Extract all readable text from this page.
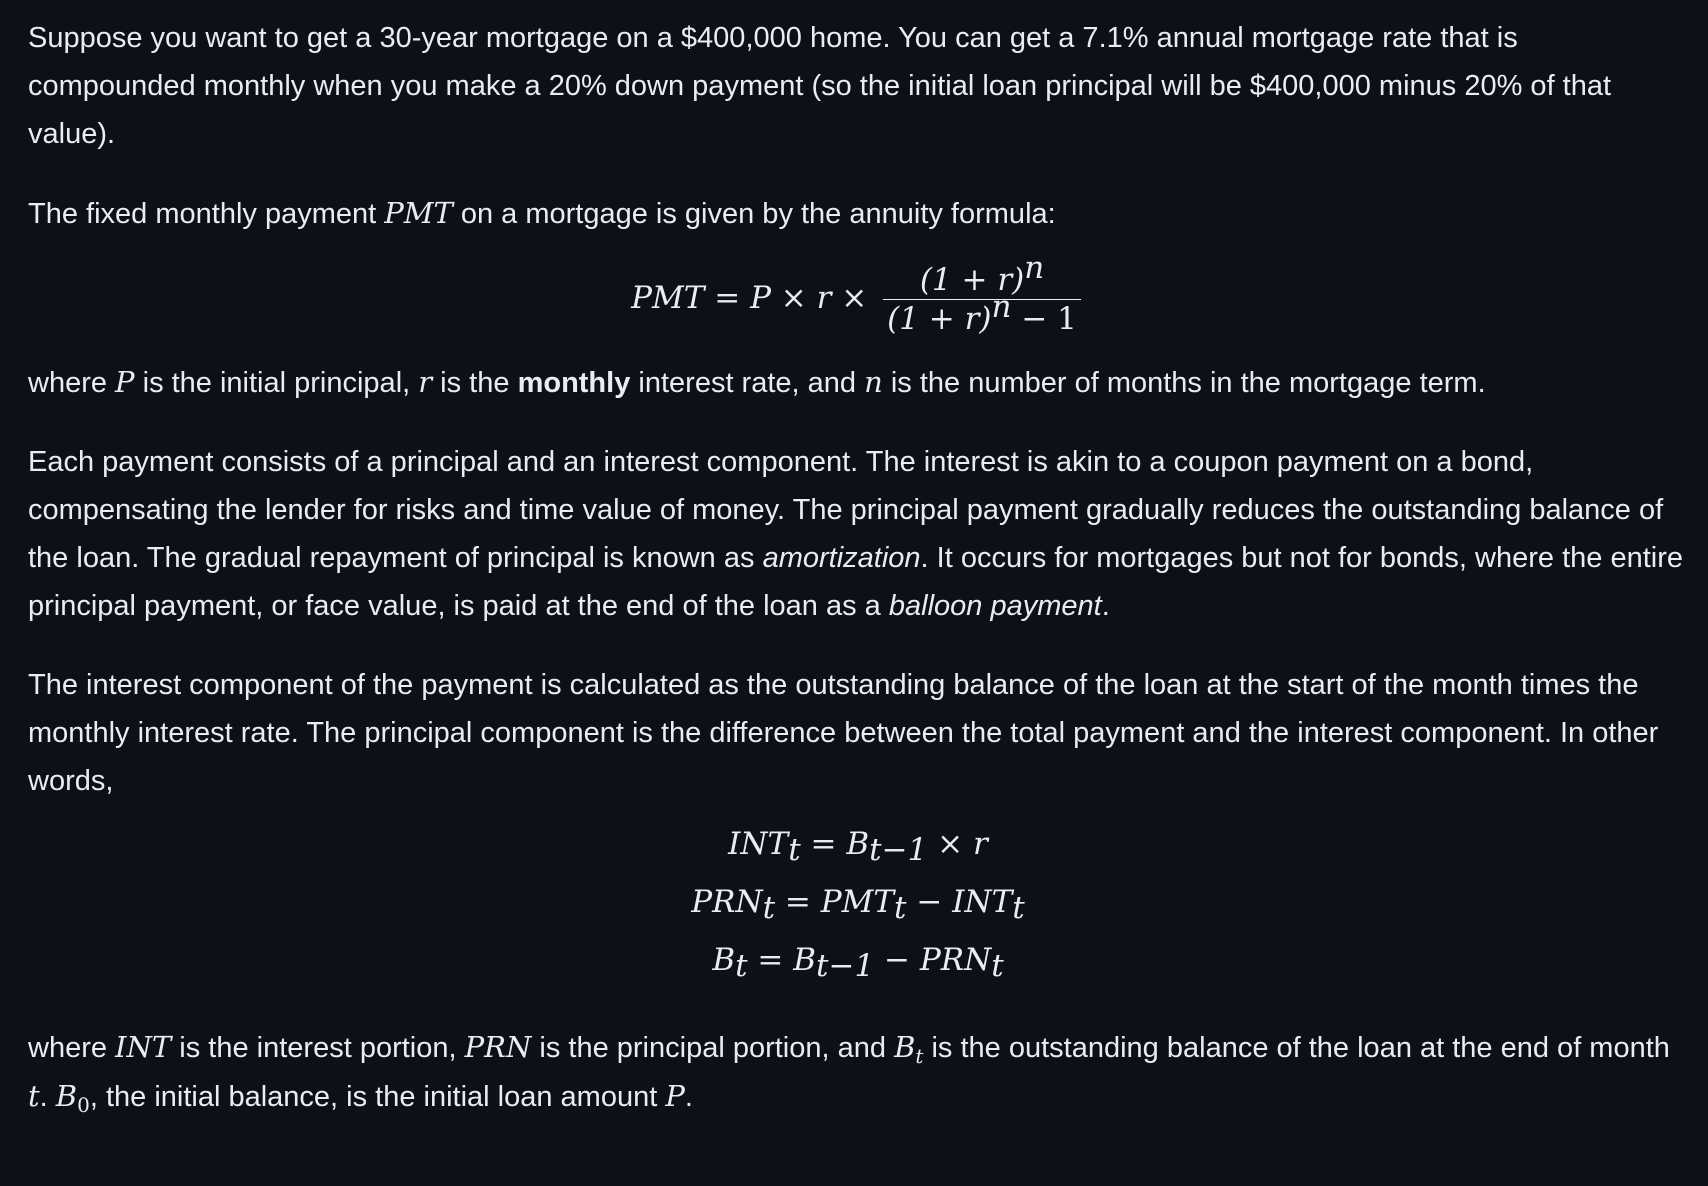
Suppose you want to get a 30-year mortgage on a $400,000 home. You can get a 7.1% annual mortgage rate that is compounded monthly when you make a 20% down payment (so the initial loan principal will be $400,000 minus 20% of that value).

The fixed monthly payment PMT on a mortgage is given by the annuity formula:

PMT = $P \times r \times \frac{(1 + r)n}{(1 + r)n - 1}$

where P is the initial principal, r is the monthly interest rate, and n is the number of months in the mortgage term.

Each payment consists of a principal and an interest component. The interest is akin to a coupon payment on a bond, compensating the lender for risks and time value of money. The principal payment gradually reduces the outstanding balance of the loan. The gradual repayment of principal is known as amortization. It occurs for mortgages but not for bonds, where the entire principal payment, or face value, is paid at the end of the loan as a balloon payment.

The interest component of the payment is calculated as the outstanding balance of the loan at the start of the month times the monthly interest rate. The principal component is the difference between the total payment and the interest component. In other words,

INTt = Bt−1 × r
PRNt = PMTt − INTt
Bt = Bt−1 − PRNt

where INT is the interest portion, PRN is the principal portion, and $B_t$ is the outstanding balance of the loan at the end of month t. $B_0$, the initial balance, is the initial loan amount P.
